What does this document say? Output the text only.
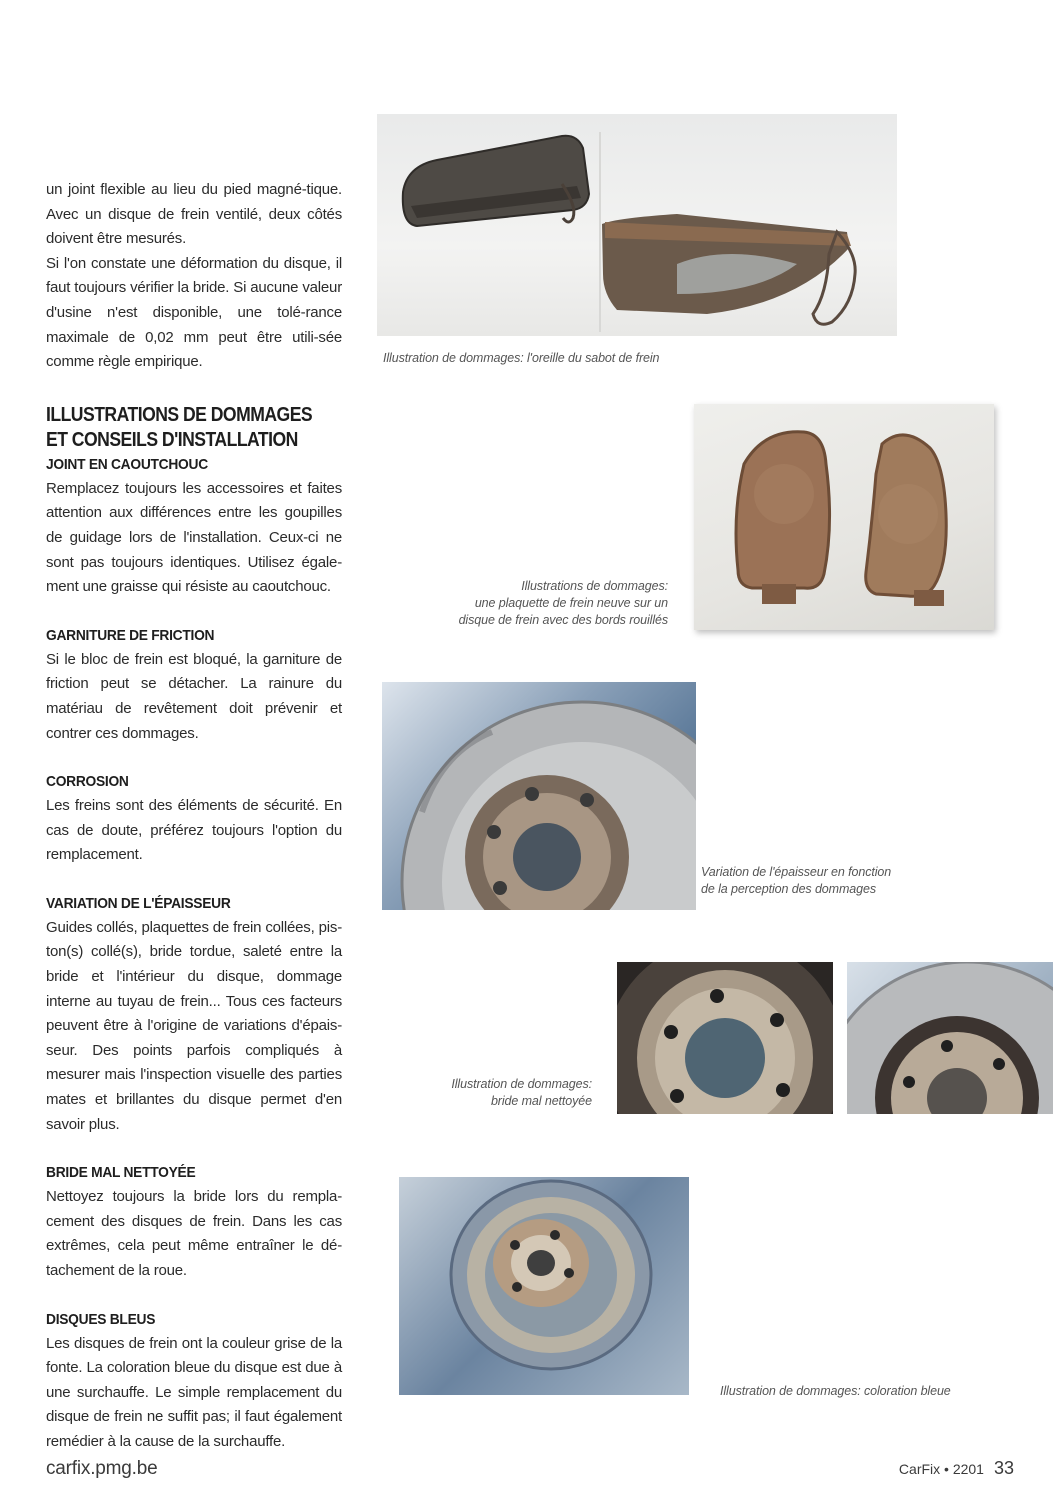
un joint flexible au lieu du pied magné-tique. Avec un disque de frein ventilé, deux côtés doivent être mesurés.

Si l'on constate une déformation du disque, il faut toujours vérifier la bride. Si aucune valeur d'usine n'est disponible, une tolé-rance maximale de 0,02 mm peut être utili-sée comme règle empirique.

ILLUSTRATIONS DE DOMMAGES
ET CONSEILS D'INSTALLATION
JOINT EN CAOUTCHOUC

Remplacez toujours les accessoires et faites attention aux différences entre les goupilles de guidage lors de l'installation. Ceux-ci ne sont pas toujours identiques. Utilisez égale-ment une graisse qui résiste au caoutchouc.

GARNITURE DE FRICTION

Si le bloc de frein est bloqué, la garniture de friction peut se détacher. La rainure du matériau de revêtement doit prévenir et contrer ces dommages.

CORROSION

Les freins sont des éléments de sécurité. En cas de doute, préférez toujours l'option du remplacement.

VARIATION DE L'ÉPAISSEUR

Guides collés, plaquettes de frein collées, pis-ton(s) collé(s), bride tordue, saleté entre la bride et l'intérieur du disque, dommage interne au tuyau de frein... Tous ces facteurs peuvent être à l'origine de variations d'épais-seur. Des points parfois compliqués à mesurer mais l'inspection visuelle des parties mates et brillantes du disque permet d'en savoir plus.

BRIDE MAL NETTOYÉE

Nettoyez toujours la bride lors du rempla-cement des disques de frein. Dans les cas extrêmes, cela peut même entraîner le dé-tachement de la roue.

DISQUES BLEUS

Les disques de frein ont la couleur grise de la fonte. La coloration bleue du disque est due à une surchauffe. Le simple remplacement du disque de frein ne suffit pas; il faut également remédier à la cause de la surchauffe.

Illustration de dommages: l'oreille du sabot de frein
Illustrations de dommages:
une plaquette de frein neuve sur un
disque de frein avec des bords rouillés
Variation de l'épaisseur en fonction
de la perception des dommages
Illustration de dommages:
bride mal nettoyée
Illustration de dommages: coloration bleue
carfix.pmg.be	CarFix • 2201 33
